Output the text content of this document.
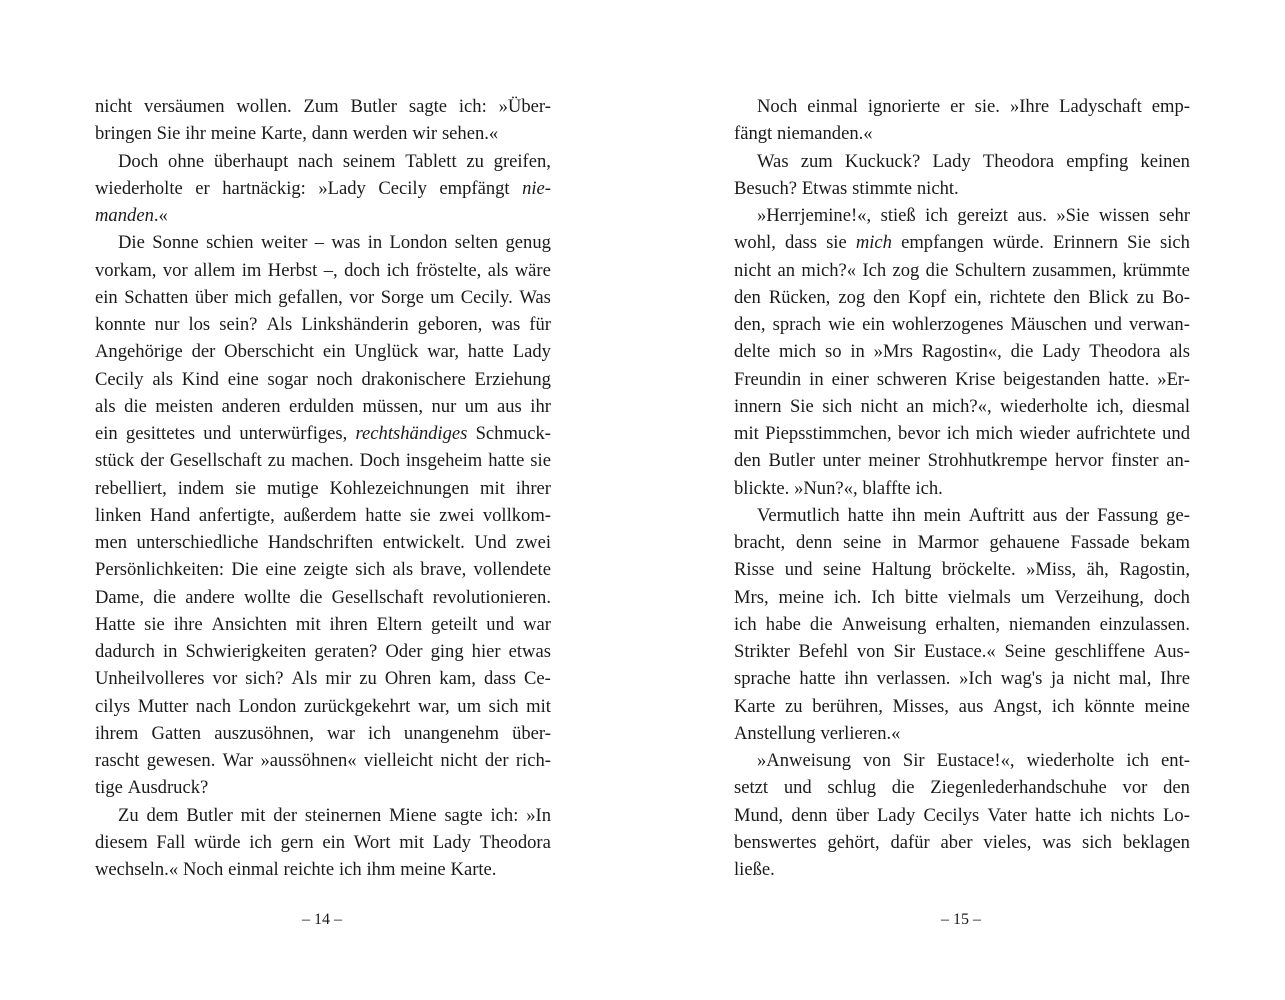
nicht versäumen wollen. Zum Butler sagte ich: »Über-
bringen Sie ihr meine Karte, dann werden wir sehen.«
Doch ohne überhaupt nach seinem Tablett zu greifen,
wiederholte er hartnäckig: »Lady Cecily empfängt nie-
manden.«
Die Sonne schien weiter – was in London selten genug
vorkam, vor allem im Herbst –, doch ich fröstelte, als wäre
ein Schatten über mich gefallen, vor Sorge um Cecily. Was
konnte nur los sein? Als Linkshänderin geboren, was für
Angehörige der Oberschicht ein Unglück war, hatte Lady
Cecily als Kind eine sogar noch drakonischere Erziehung
als die meisten anderen erdulden müssen, nur um aus ihr
ein gesittetes und unterwürfiges, rechtshändiges Schmuck-
stück der Gesellschaft zu machen. Doch insgeheim hatte sie
rebelliert, indem sie mutige Kohlezeichnungen mit ihrer
linken Hand anfertigte, außerdem hatte sie zwei vollkom-
men unterschiedliche Handschriften entwickelt. Und zwei
Persönlichkeiten: Die eine zeigte sich als brave, vollendete
Dame, die andere wollte die Gesellschaft revolutionieren.
Hatte sie ihre Ansichten mit ihren Eltern geteilt und war
dadurch in Schwierigkeiten geraten? Oder ging hier etwas
Unheilvolleres vor sich? Als mir zu Ohren kam, dass Ce-
cilys Mutter nach London zurückgekehrt war, um sich mit
ihrem Gatten auszusöhnen, war ich unangenehm über-
rascht gewesen. War »aussöhnen« vielleicht nicht der rich-
tige Ausdruck?
Zu dem Butler mit der steinernen Miene sagte ich: »In
diesem Fall würde ich gern ein Wort mit Lady Theodora
wechseln.« Noch einmal reichte ich ihm meine Karte.
Noch einmal ignorierte er sie. »Ihre Ladyschaft emp-
fängt niemanden.«
Was zum Kuckuck? Lady Theodora empfing keinen
Besuch? Etwas stimmte nicht.
»Herrjemine!«, stieß ich gereizt aus. »Sie wissen sehr
wohl, dass sie mich empfangen würde. Erinnern Sie sich
nicht an mich?« Ich zog die Schultern zusammen, krümmte
den Rücken, zog den Kopf ein, richtete den Blick zu Bo-
den, sprach wie ein wohlerzogenes Mäuschen und verwan-
delte mich so in »Mrs Ragostin«, die Lady Theodora als
Freundin in einer schweren Krise beigestanden hatte. »Er-
innern Sie sich nicht an mich?«, wiederholte ich, diesmal
mit Piepsstimmchen, bevor ich mich wieder aufrichtete und
den Butler unter meiner Strohhutkrempe hervor finster an-
blickte. »Nun?«, blaffte ich.
Vermutlich hatte ihn mein Auftritt aus der Fassung ge-
bracht, denn seine in Marmor gehauene Fassade bekam
Risse und seine Haltung bröckelte. »Miss, äh, Ragostin,
Mrs, meine ich. Ich bitte vielmals um Verzeihung, doch
ich habe die Anweisung erhalten, niemanden einzulassen.
Strikter Befehl von Sir Eustace.« Seine geschliffene Aus-
sprache hatte ihn verlassen. »Ich wag's ja nicht mal, Ihre
Karte zu berühren, Misses, aus Angst, ich könnte meine
Anstellung verlieren.«
»Anweisung von Sir Eustace!«, wiederholte ich ent-
setzt und schlug die Ziegenlederhandschuhe vor den
Mund, denn über Lady Cecilys Vater hatte ich nichts Lo-
benswertes gehört, dafür aber vieles, was sich beklagen
ließe.
– 14 –	– 15 –
